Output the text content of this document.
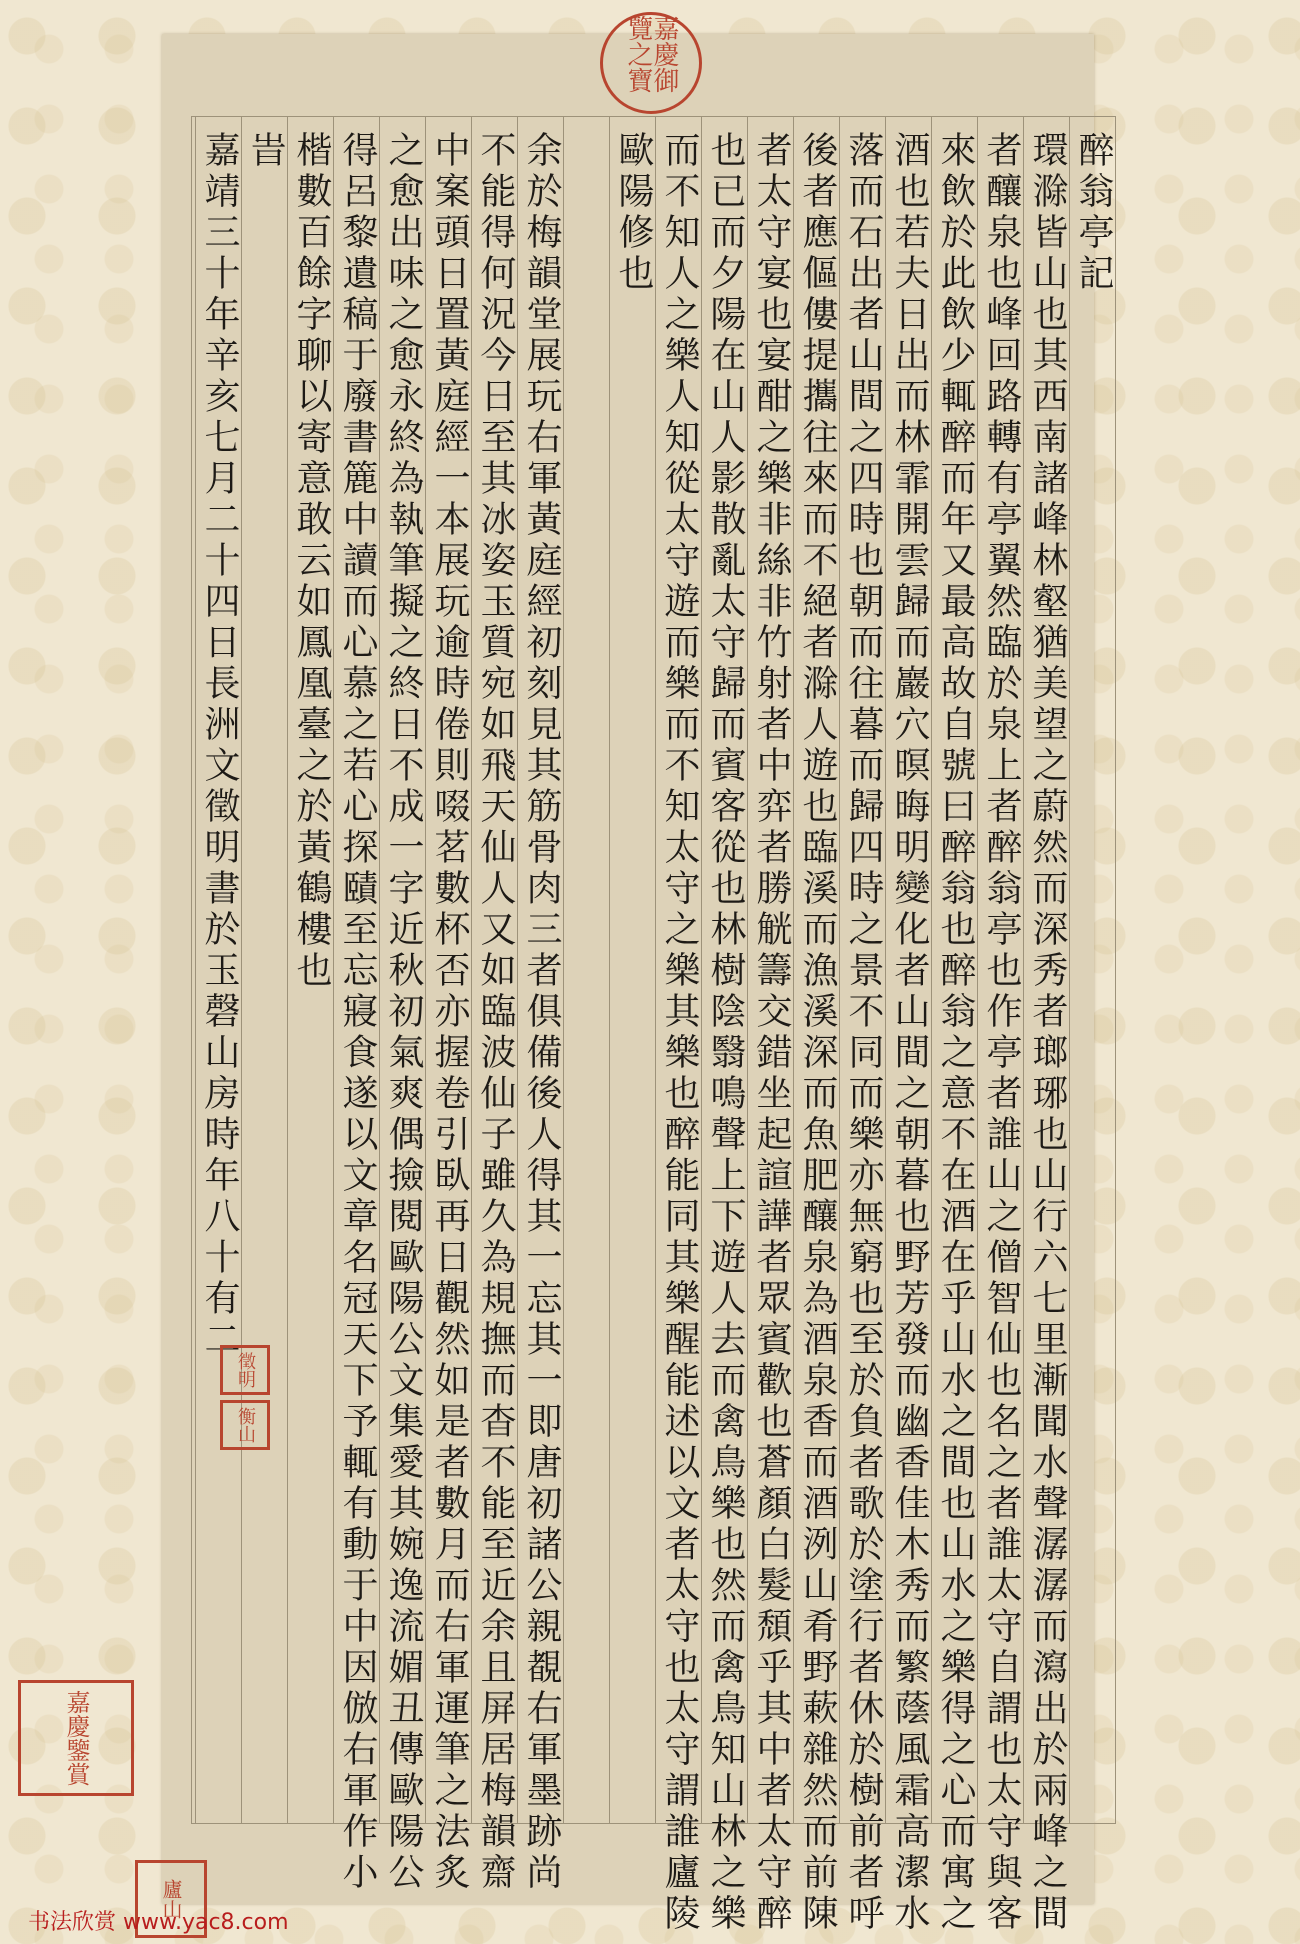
醉翁亭記
環滁皆山也其西南諸峰林壑猶美望之蔚然而深秀者瑯琊也山行六七里漸聞水聲潺潺而瀉出於兩峰之間
者釀泉也峰回路轉有亭翼然臨於泉上者醉翁亭也作亭者誰山之僧智仙也名之者誰太守自謂也太守與客
來飲於此飲少輒醉而年又最高故自號曰醉翁也醉翁之意不在酒在乎山水之間也山水之樂得之心而寓之
酒也若夫日出而林霏開雲歸而巖穴暝晦明變化者山間之朝暮也野芳發而幽香佳木秀而繁蔭風霜高潔水
落而石出者山間之四時也朝而往暮而歸四時之景不同而樂亦無窮也至於負者歌於塗行者休於樹前者呼
後者應傴僂提攜往來而不絕者滁人遊也臨溪而漁溪深而魚肥釀泉為酒泉香而酒洌山肴野蔌雜然而前陳
者太守宴也宴酣之樂非絲非竹射者中弈者勝觥籌交錯坐起諠譁者眾賓歡也蒼顏白髮頹乎其中者太守醉
也已而夕陽在山人影散亂太守歸而賓客從也林樹陰翳鳴聲上下遊人去而禽鳥樂也然而禽鳥知山林之樂
而不知人之樂人知從太守遊而樂而不知太守之樂其樂也醉能同其樂醒能述以文者太守也太守謂誰廬陵
歐陽修也
余於梅韻堂展玩右軍黃庭經初刻見其筋骨肉三者俱備後人得其一忘其一即唐初諸公親覩右軍墨跡尚
不能得何況今日至其冰姿玉質宛如飛天仙人又如臨波仙子雖久為規撫而杳不能至近余且屏居梅韻齋
中案頭日置黃庭經一本展玩逾時倦則啜茗數杯否亦握卷引臥再日觀然如是者數月而右軍運筆之法炙
之愈出味之愈永終為執筆擬之終日不成一字近秋初氣爽偶撿閱歐陽公文集愛其婉逸流媚丑傳歐陽公
得呂黎遺稿于廢書簏中讀而心慕之若心探賾至忘寢食遂以文章名冠天下予輒有動于中因倣右軍作小
楷數百餘字聊以寄意敢云如鳳凰臺之於黃鶴樓也
旹
嘉靖三十年辛亥七月二十四日長洲文徵明書於玉磬山房時年八十有二
嘉慶御覽之寶
徵明
衡山
嘉慶鑒賞
廬山
书法欣赏 www.yac8.com
